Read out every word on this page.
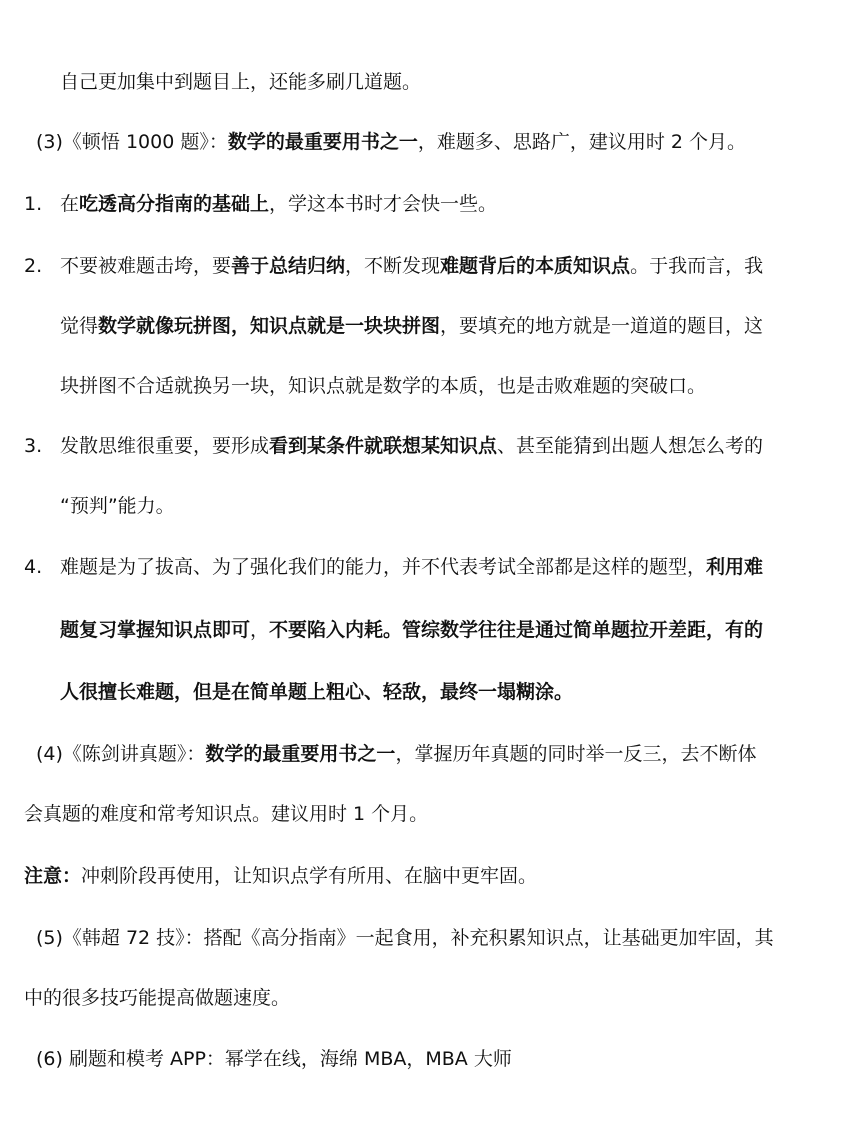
自己更加集中到题目上，还能多刷几道题。
(3)《顿悟 1000 题》：数学的最重要用书之一，难题多、思路广，建议用时 2 个月。
1. 在吃透高分指南的基础上，学这本书时才会快一些。
2. 不要被难题击垮，要善于总结归纳，不断发现难题背后的本质知识点。于我而言，我
觉得数学就像玩拼图，知识点就是一块块拼图，要填充的地方就是一道道的题目，这
块拼图不合适就换另一块，知识点就是数学的本质，也是击败难题的突破口。
3. 发散思维很重要，要形成看到某条件就联想某知识点、甚至能猜到出题人想怎么考的
“预判”能力。
4. 难题是为了拔高、为了强化我们的能力，并不代表考试全部都是这样的题型，利用难
题复习掌握知识点即可，不要陷入内耗。管综数学往往是通过简单题拉开差距，有的
人很擅长难题，但是在简单题上粗心、轻敌，最终一塌糊涂。
(4)《陈剑讲真题》：数学的最重要用书之一，掌握历年真题的同时举一反三，去不断体
会真题的难度和常考知识点。建议用时 1 个月。
注意：冲刺阶段再使用，让知识点学有所用、在脑中更牢固。
(5)《韩超 72 技》：搭配《高分指南》一起食用，补充积累知识点，让基础更加牢固，其
中的很多技巧能提高做题速度。
(6) 刷题和模考 APP：幂学在线，海绵 MBA，MBA 大师
